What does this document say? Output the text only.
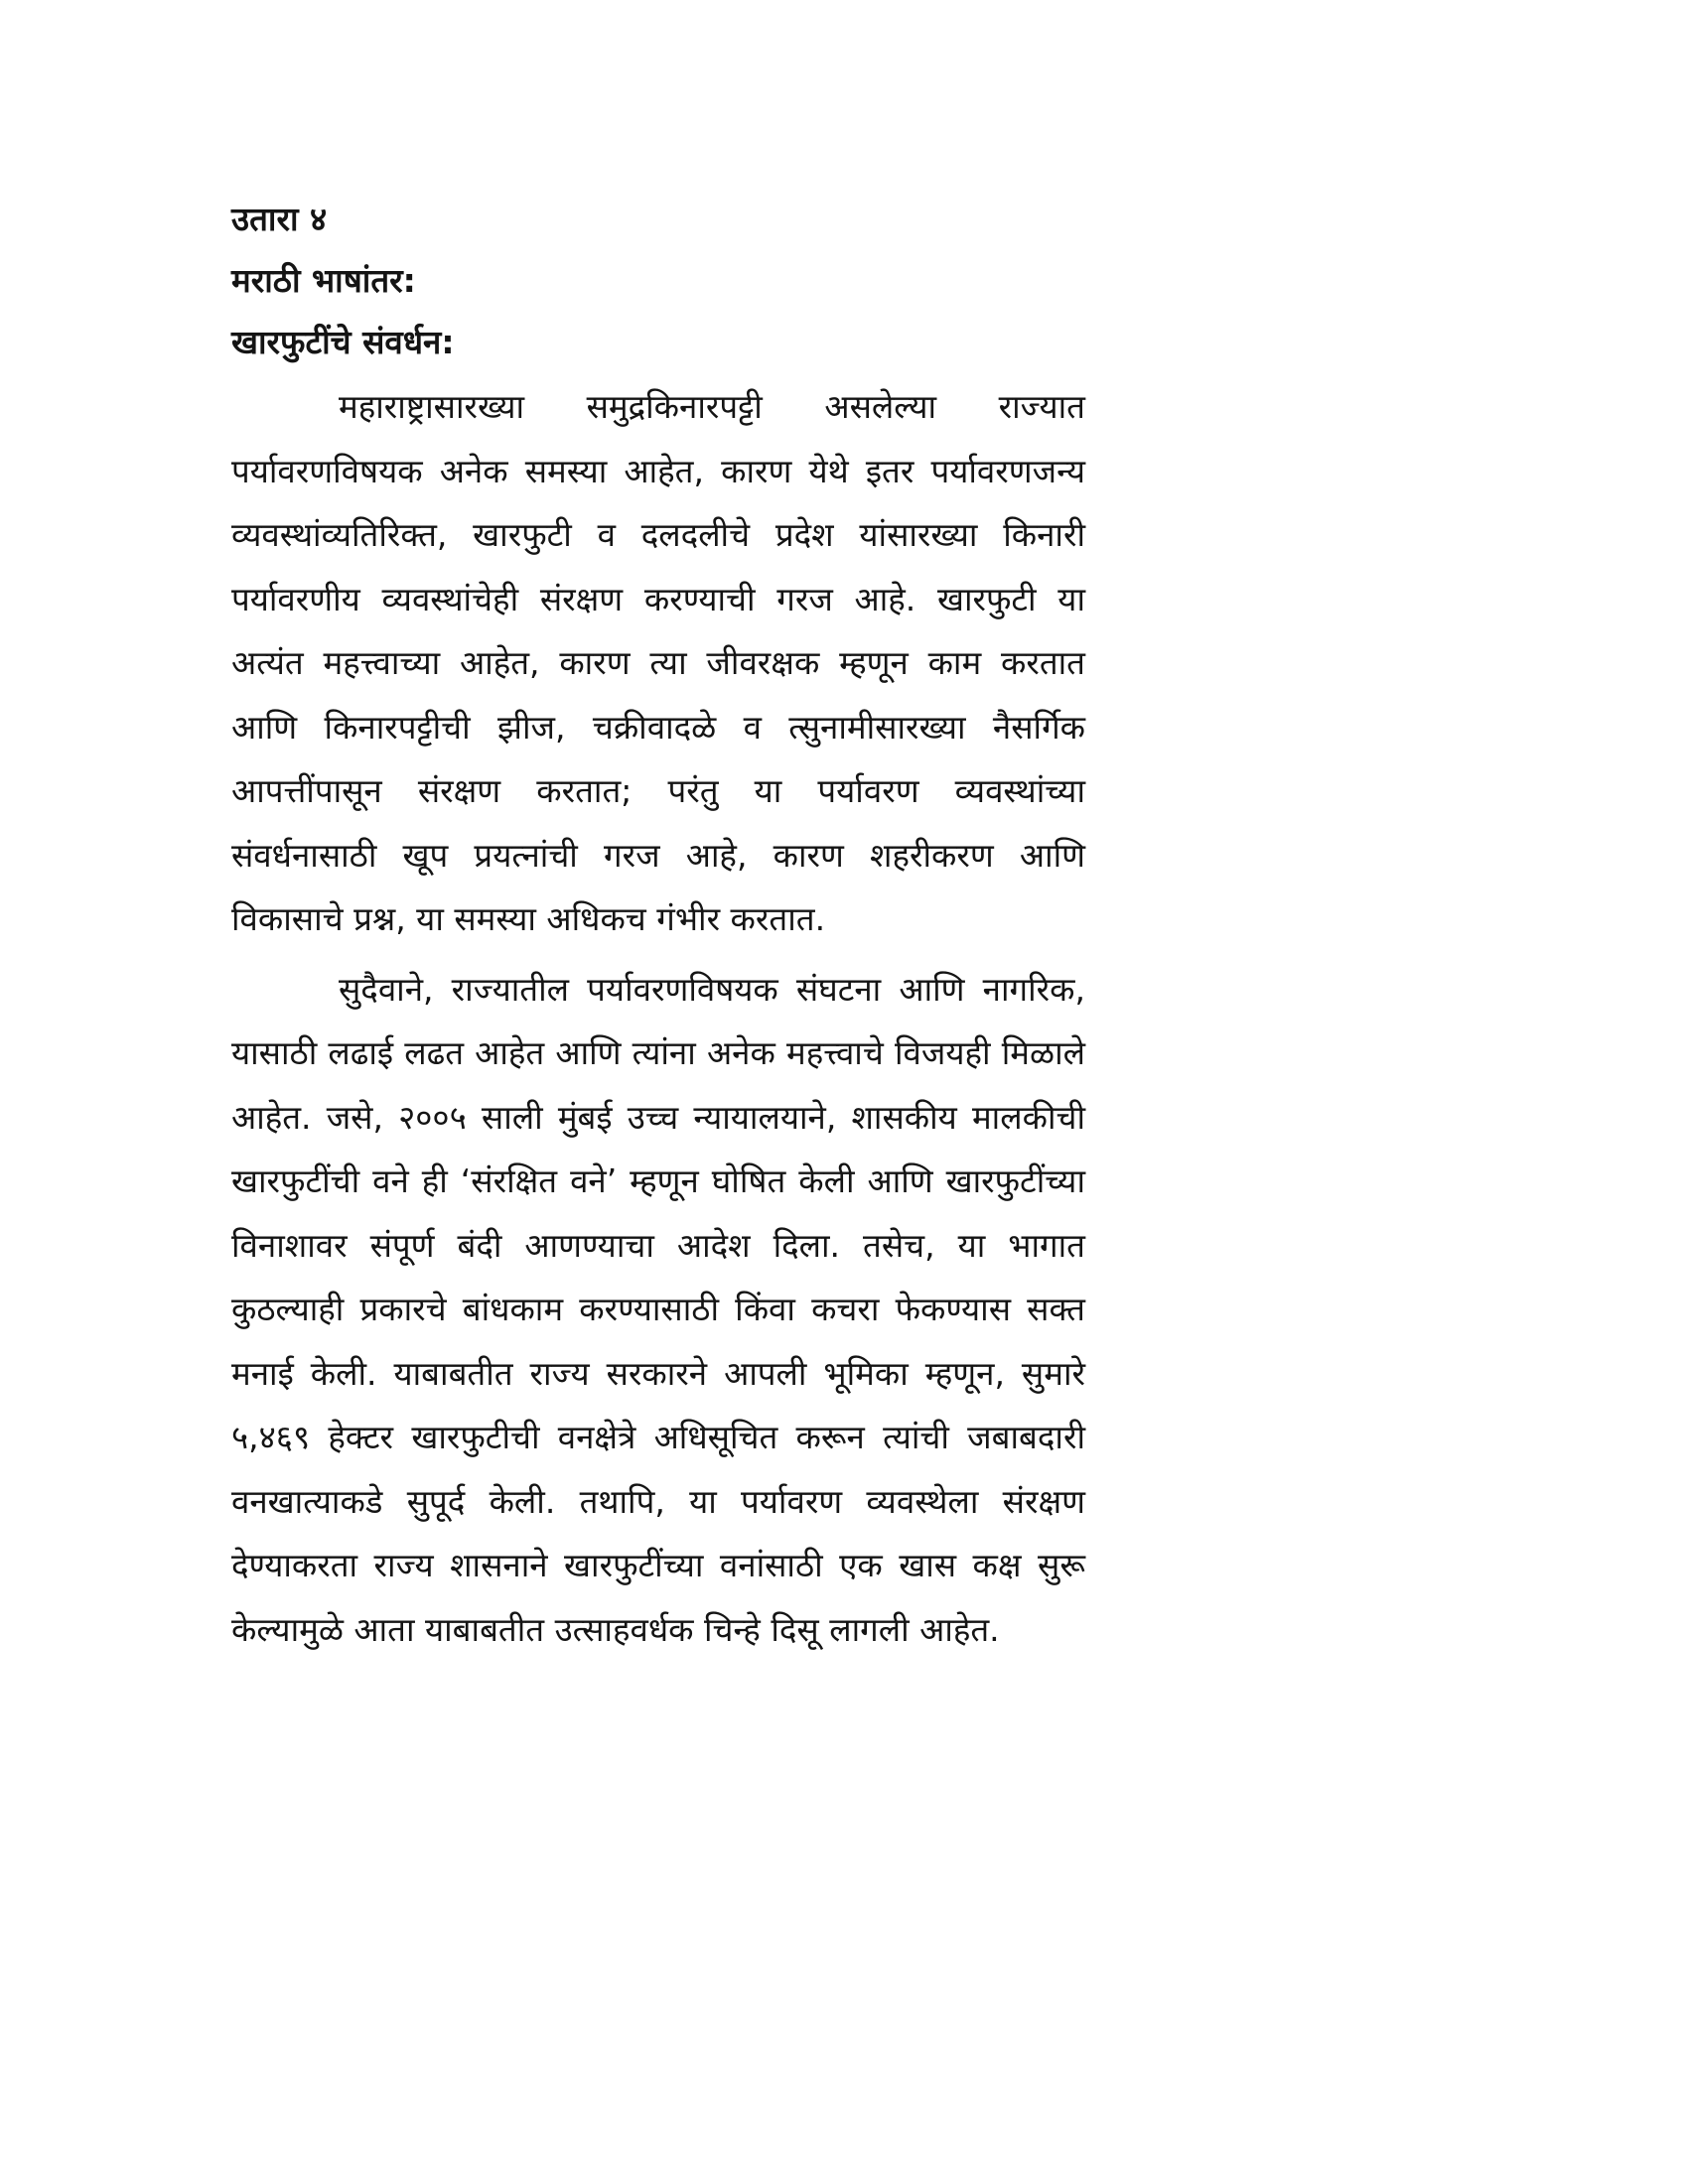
उतारा ४
मराठी भाषांतर:
खारफुटींचे संवर्धन:

महाराष्ट्रासारख्या समुद्रकिनारपट्टी असलेल्या राज्यात पर्यावरणविषयक अनेक समस्या आहेत, कारण येथे इतर पर्यावरणजन्य व्यवस्थांव्यतिरिक्त, खारफुटी व दलदलीचे प्रदेश यांसारख्या किनारी पर्यावरणीय व्यवस्थांचेही संरक्षण करण्याची गरज आहे. खारफुटी या अत्यंत महत्त्वाच्या आहेत, कारण त्या जीवरक्षक म्हणून काम करतात आणि किनारपट्टीची झीज, चक्रीवादळे व त्सुनामीसारख्या नैसर्गिक आपत्तींपासून संरक्षण करतात; परंतु या पर्यावरण व्यवस्थांच्या संवर्धनासाठी खूप प्रयत्नांची गरज आहे, कारण शहरीकरण आणि विकासाचे प्रश्न, या समस्या अधिकच गंभीर करतात.

सुदैवाने, राज्यातील पर्यावरणविषयक संघटना आणि नागरिक, यासाठी लढाई लढत आहेत आणि त्यांना अनेक महत्त्वाचे विजयही मिळाले आहेत. जसे, २००५ साली मुंबई उच्च न्यायालयाने, शासकीय मालकीची खारफुटींची वने ही ‘संरक्षित वने’ म्हणून घोषित केली आणि खारफुटींच्या विनाशावर संपूर्ण बंदी आणण्याचा आदेश दिला. तसेच, या भागात कुठल्याही प्रकारचे बांधकाम करण्यासाठी किंवा कचरा फेकण्यास सक्त मनाई केली. याबाबतीत राज्य सरकारने आपली भूमिका म्हणून, सुमारे ५,४६९ हेक्टर खारफुटीची वनक्षेत्रे अधिसूचित करून त्यांची जबाबदारी वनखात्याकडे सुपूर्द केली. तथापि, या पर्यावरण व्यवस्थेला संरक्षण देण्याकरता राज्य शासनाने खारफुटींच्या वनांसाठी एक खास कक्ष सुरू केल्यामुळे आता याबाबतीत उत्साहवर्धक चिन्हे दिसू लागली आहेत.
